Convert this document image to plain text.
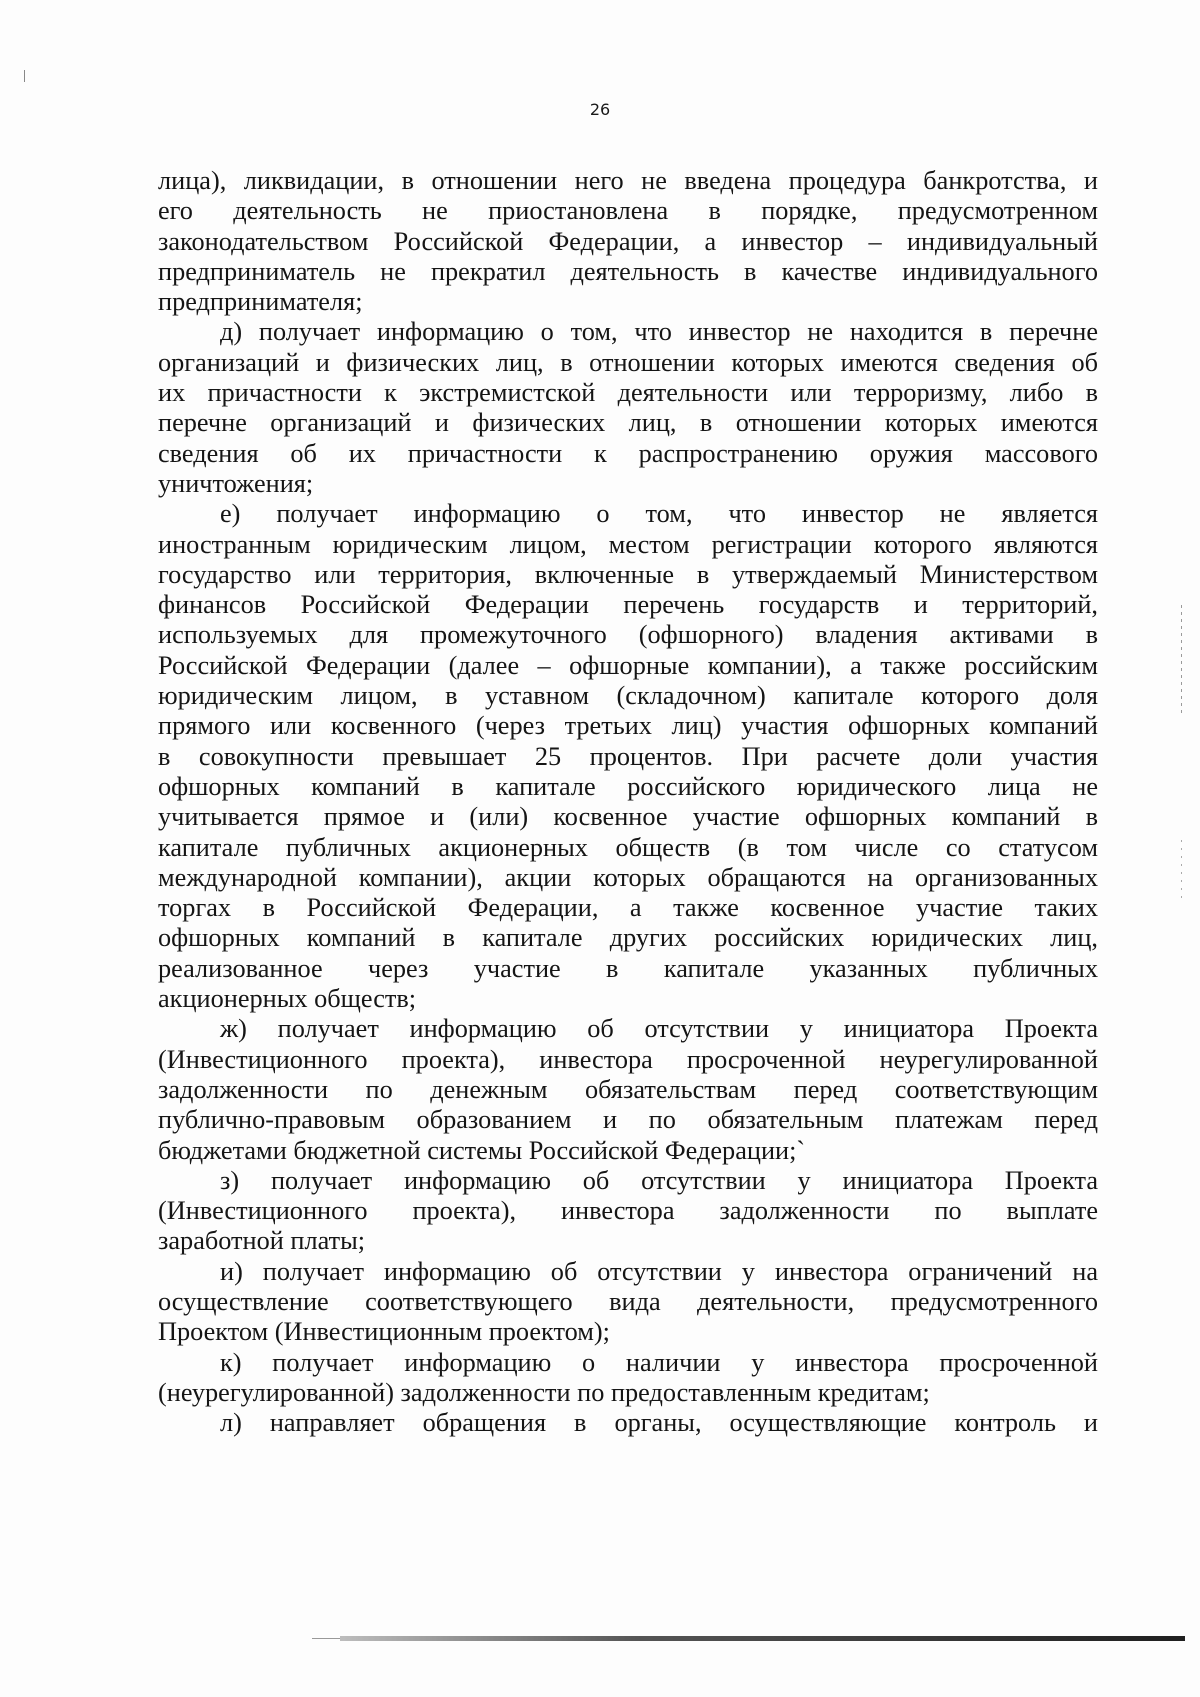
26
лица), ликвидации, в отношении него не введена процедура банкротства, и
его деятельность не приостановлена в порядке, предусмотренном
законодательством Российской Федерации, а инвестор – индивидуальный
предприниматель не прекратил деятельность в качестве индивидуального
предпринимателя;
д) получает информацию о том, что инвестор не находится в перечне
организаций и физических лиц, в отношении которых имеются сведения об
их причастности к экстремистской деятельности или терроризму, либо в
перечне организаций и физических лиц, в отношении которых имеются
сведения об их причастности к распространению оружия массового
уничтожения;
е) получает информацию о том, что инвестор не является
иностранным юридическим лицом, местом регистрации которого являются
государство или территория, включенные в утверждаемый Министерством
финансов Российской Федерации перечень государств и территорий,
используемых для промежуточного (офшорного) владения активами в
Российской Федерации (далее – офшорные компании), а также российским
юридическим лицом, в уставном (складочном) капитале которого доля
прямого или косвенного (через третьих лиц) участия офшорных компаний
в совокупности превышает 25 процентов. При расчете доли участия
офшорных компаний в капитале российского юридического лица не
учитывается прямое и (или) косвенное участие офшорных компаний в
капитале публичных акционерных обществ (в том числе со статусом
международной компании), акции которых обращаются на организованных
торгах в Российской Федерации, а также косвенное участие таких
офшорных компаний в капитале других российских юридических лиц,
реализованное через участие в капитале указанных публичных
акционерных обществ;
ж) получает информацию об отсутствии у инициатора Проекта
(Инвестиционного проекта), инвестора просроченной неурегулированной
задолженности по денежным обязательствам перед соответствующим
публично-правовым образованием и по обязательным платежам перед
бюджетами бюджетной системы Российской Федерации;`
з) получает информацию об отсутствии у инициатора Проекта
(Инвестиционного проекта), инвестора задолженности по выплате
заработной платы;
и) получает информацию об отсутствии у инвестора ограничений на
осуществление соответствующего вида деятельности, предусмотренного
Проектом (Инвестиционным проектом);
к) получает информацию о наличии у инвестора просроченной
(неурегулированной) задолженности по предоставленным кредитам;
л) направляет обращения в органы, осуществляющие контроль и
